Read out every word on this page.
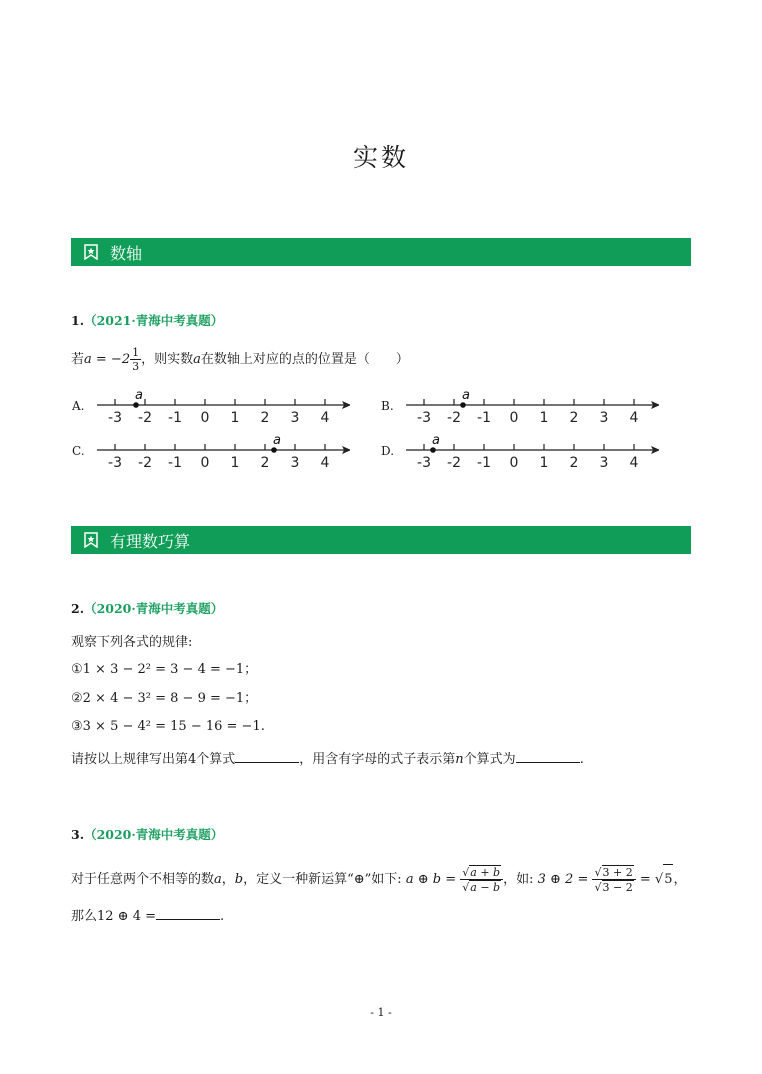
实数
数轴
1.（2021·青海中考真题）
若$a = -2 \frac{1}{3}$ ，则实数a在数轴上对应的点的位置是（　　）
A.
-3 -2 -1 0 1 2 3 4
a
B.
-3 -2 -1 0 1 2 3 4
a
C.
-3 -2 -1 0 1 2 3 4
a
D.
-3 -2 -1 0 1 2 3 4
a
有理数巧算
2.（2020·青海中考真题）
观察下列各式的规律:
①1 × 3 − 2² = 3 − 4 = −1；
②2 × 4 − 3² = 8 − 9 = −1；
③3 × 5 − 4² = 15 − 16 = −1.
请按以上规律写出第4个算式	，用含有字母的式子表示第n个算式为	.
3.（2020·青海中考真题）
对于任意两个不相等的数a，b，定义一种新运算“⊕”如下: a ⊕ $b = \frac{√a + b}{√a - b}$ ，如: 3 ⊕ $2 = \frac{√3 + 2}{√3 - 2} = √5$，
那么12 ⊕ 4 =	.
- 1 -
